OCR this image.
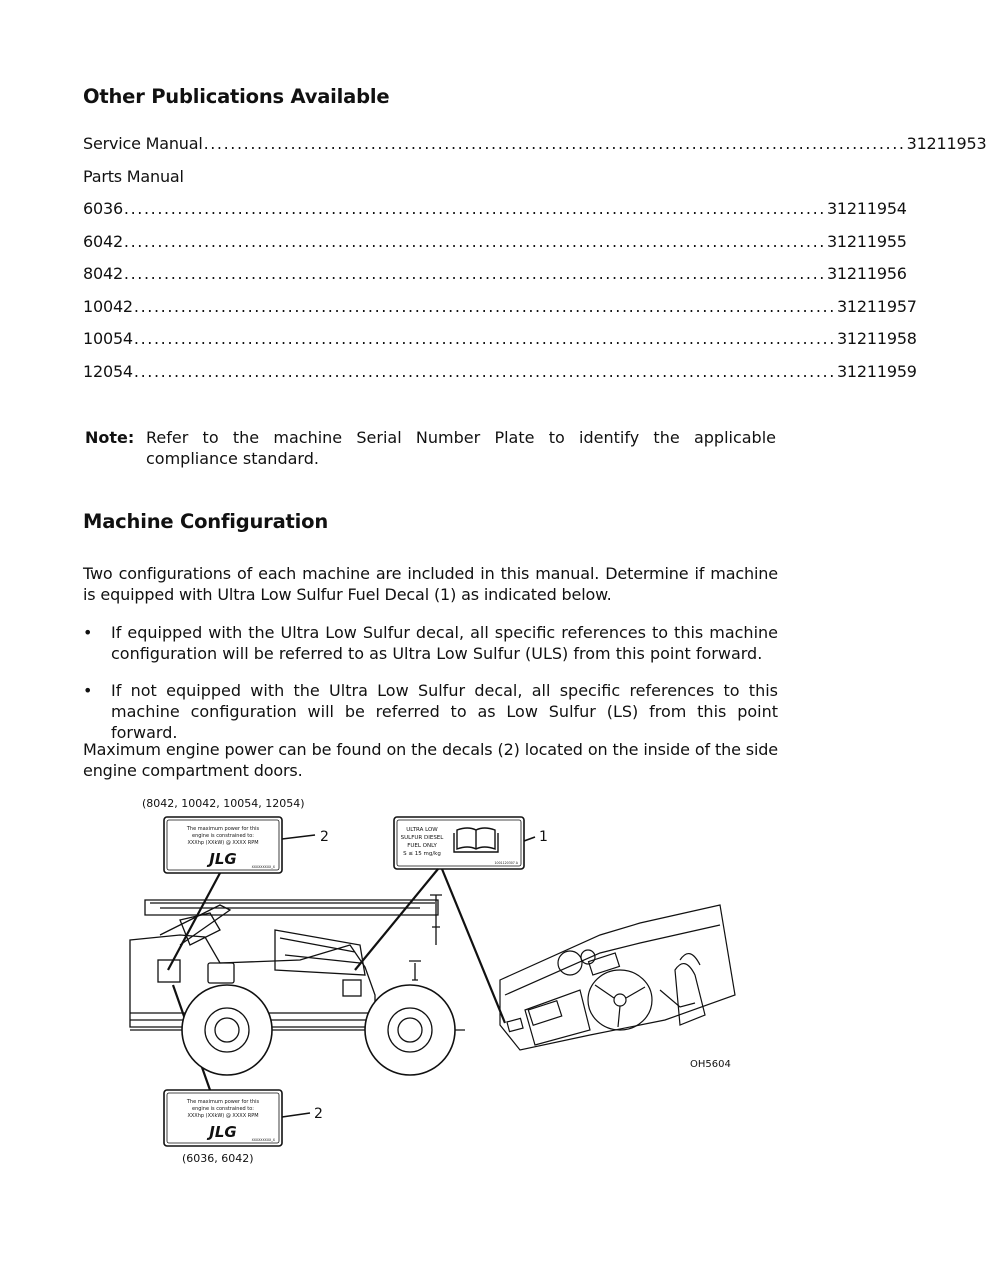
Other Publications Available
Service Manual ......................................................................................................... 31211953
Parts Manual
6036 ......................................................................................................... 31211954
6042 ......................................................................................................... 31211955
8042 ......................................................................................................... 31211956
10042 ......................................................................................................... 31211957
10054 ......................................................................................................... 31211958
12054 ......................................................................................................... 31211959
Note: Refer to the machine Serial Number Plate to identify the applicable compliance standard.
Machine Configuration

Two configurations of each machine are included in this manual. Determine if machine is equipped with Ultra Low Sulfur Fuel Decal (1) as indicated below.

• If equipped with the Ultra Low Sulfur decal, all specific references to this machine configuration will be referred to as Ultra Low Sulfur (ULS) from this point forward.
• If not equipped with the Ultra Low Sulfur decal, all specific references to this machine configuration will be referred to as Low Sulfur (LS) from this point forward.

Maximum engine power can be found on the decals (2) located on the inside of the side engine compartment doors.

(8042, 10042, 10054, 12054)
2	1
2
OH5604
(6036, 6042)
The maximum power for this
engine is constrained to:
XXXhp (XXkW) @ XXXX RPM
JLG	XXXXXXXXX_X
ULTRA LOW
SULFUR DIESEL
FUEL ONLY
S ≤ 15 mg/kg
1001120307 A
The maximum power for this
engine is constrained to:
XXXhp (XXkW) @ XXXX RPM
JLG	XXXXXXXXX_X
